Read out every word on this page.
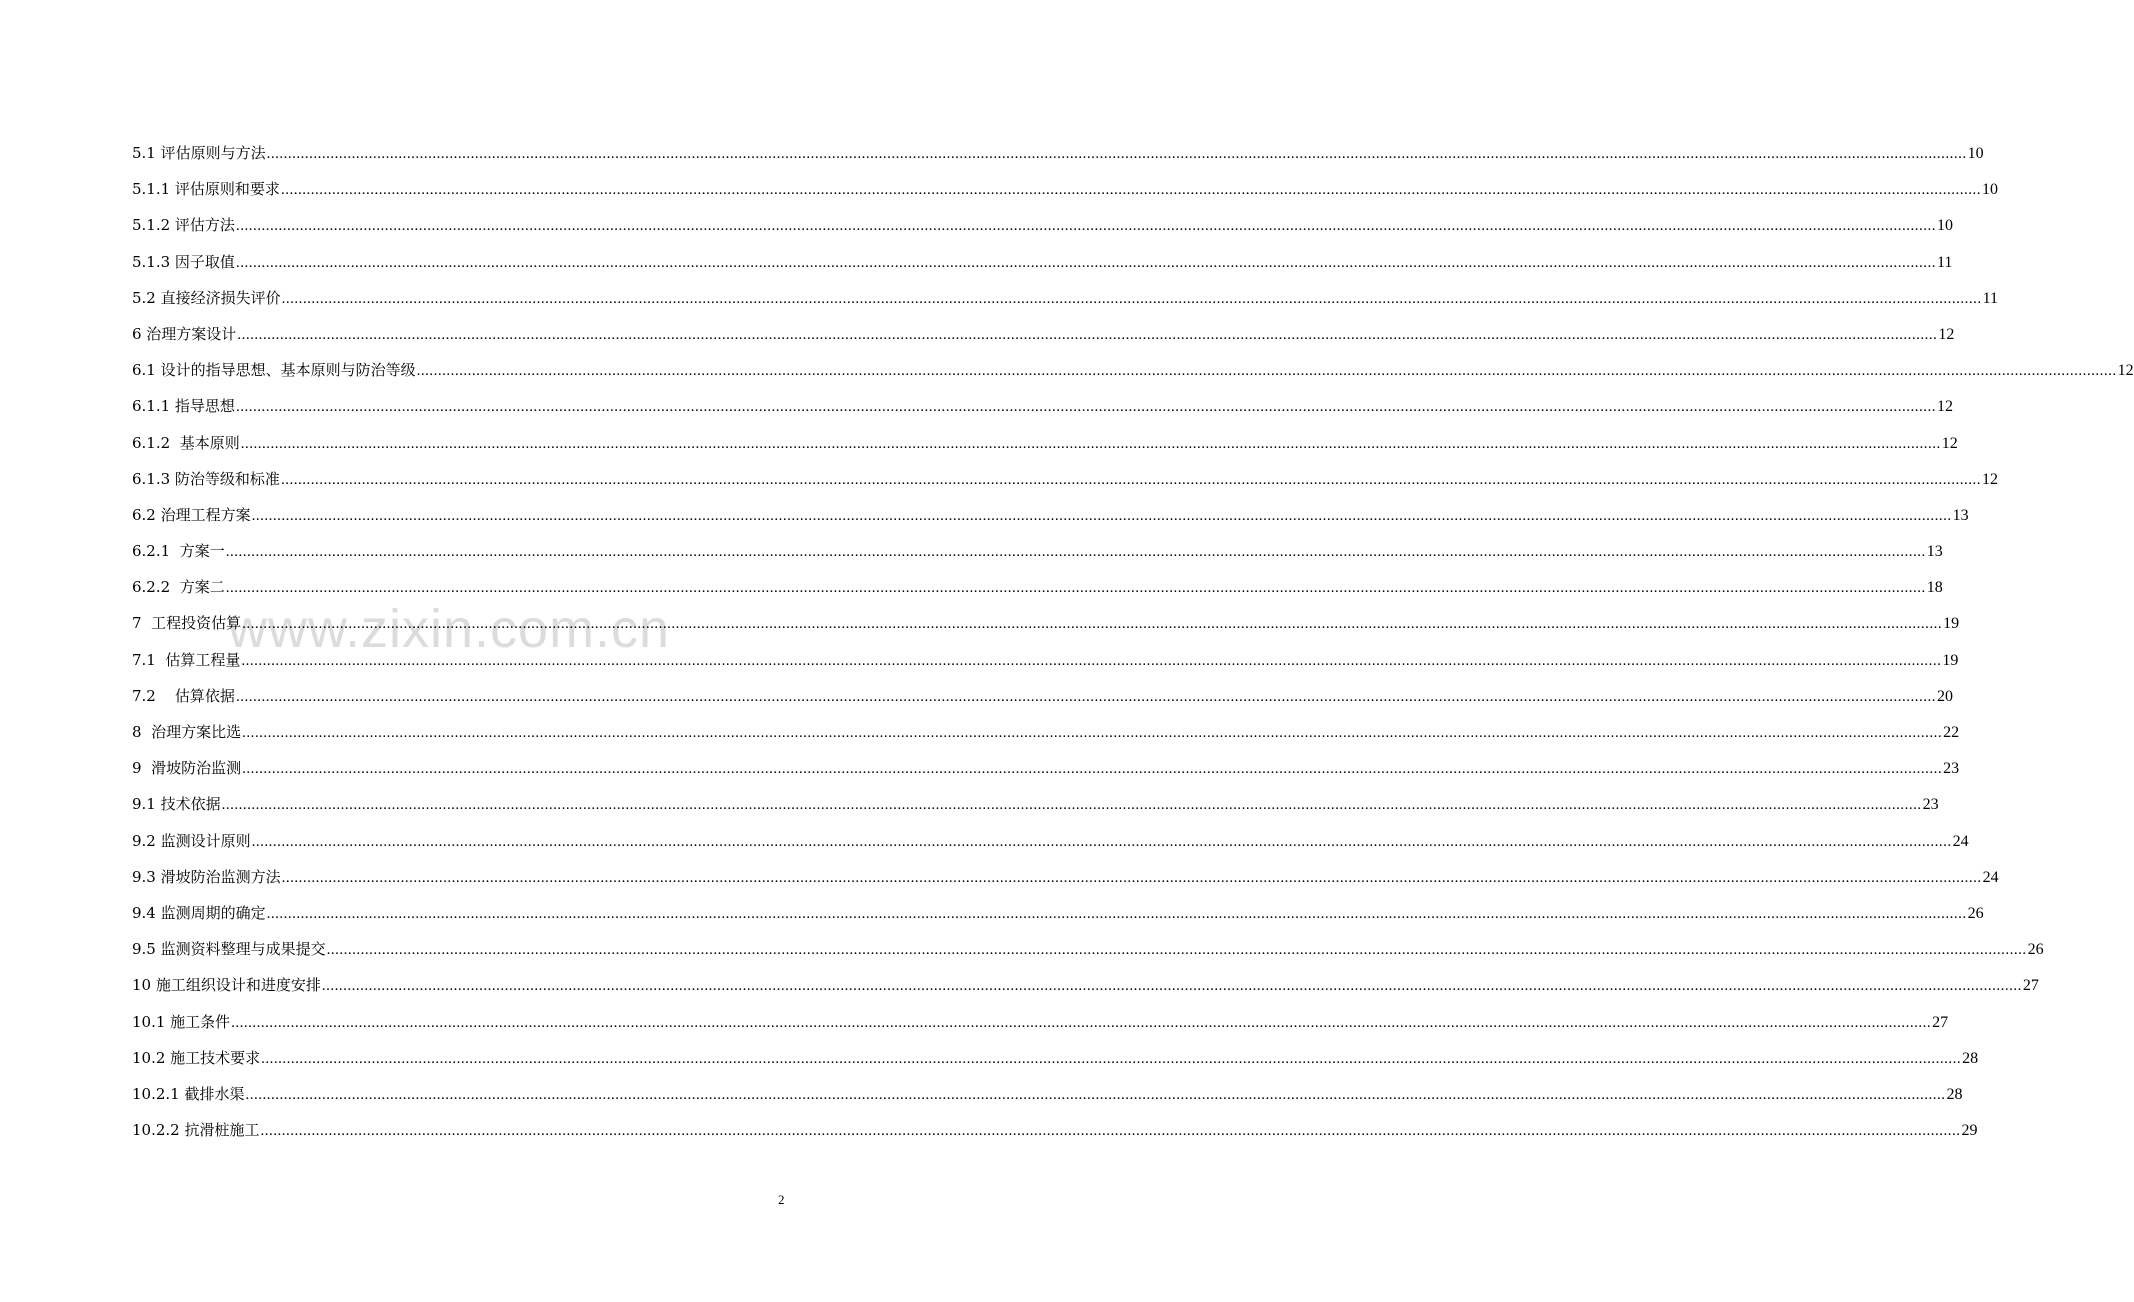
www.zixin.com.cn
5.1 评估原则与方法 ................................................................................................................................................................................................................................................................................................................................................................................................................ 10
5.1.1 评估原则和要求 ................................................................................................................................................................................................................................................................................................................................................................................................................ 10
5.1.2 评估方法 ................................................................................................................................................................................................................................................................................................................................................................................................................ 10
5.1.3 因子取值 ................................................................................................................................................................................................................................................................................................................................................................................................................ 11
5.2 直接经济损失评价 ................................................................................................................................................................................................................................................................................................................................................................................................................ 11
6 治理方案设计 ................................................................................................................................................................................................................................................................................................................................................................................................................ 12
6.1 设计的指导思想、基本原则与防治等级 ................................................................................................................................................................................................................................................................................................................................................................................................................ 12
6.1.1 指导思想 ................................................................................................................................................................................................................................................................................................................................................................................................................ 12
6.1.2  基本原则 ................................................................................................................................................................................................................................................................................................................................................................................................................ 12
6.1.3 防治等级和标准 ................................................................................................................................................................................................................................................................................................................................................................................................................ 12
6.2 治理工程方案 ................................................................................................................................................................................................................................................................................................................................................................................................................ 13
6.2.1  方案一 ................................................................................................................................................................................................................................................................................................................................................................................................................ 13
6.2.2  方案二 ................................................................................................................................................................................................................................................................................................................................................................................................................ 18
7  工程投资估算 ................................................................................................................................................................................................................................................................................................................................................................................................................ 19
7.1  估算工程量 ................................................................................................................................................................................................................................................................................................................................................................................................................ 19
7.2    估算依据 ................................................................................................................................................................................................................................................................................................................................................................................................................ 20
8  治理方案比选 ................................................................................................................................................................................................................................................................................................................................................................................................................ 22
9  滑坡防治监测 ................................................................................................................................................................................................................................................................................................................................................................................................................ 23
9.1 技术依据 ................................................................................................................................................................................................................................................................................................................................................................................................................ 23
9.2 监测设计原则 ................................................................................................................................................................................................................................................................................................................................................................................................................ 24
9.3 滑坡防治监测方法 ................................................................................................................................................................................................................................................................................................................................................................................................................ 24
9.4 监测周期的确定 ................................................................................................................................................................................................................................................................................................................................................................................................................ 26
9.5 监测资料整理与成果提交 ................................................................................................................................................................................................................................................................................................................................................................................................................ 26
10 施工组织设计和进度安排 ................................................................................................................................................................................................................................................................................................................................................................................................................ 27
10.1 施工条件 ................................................................................................................................................................................................................................................................................................................................................................................................................ 27
10.2 施工技术要求 ................................................................................................................................................................................................................................................................................................................................................................................................................ 28
10.2.1 截排水渠 ................................................................................................................................................................................................................................................................................................................................................................................................................ 28
10.2.2 抗滑桩施工 ................................................................................................................................................................................................................................................................................................................................................................................................................ 29
2
